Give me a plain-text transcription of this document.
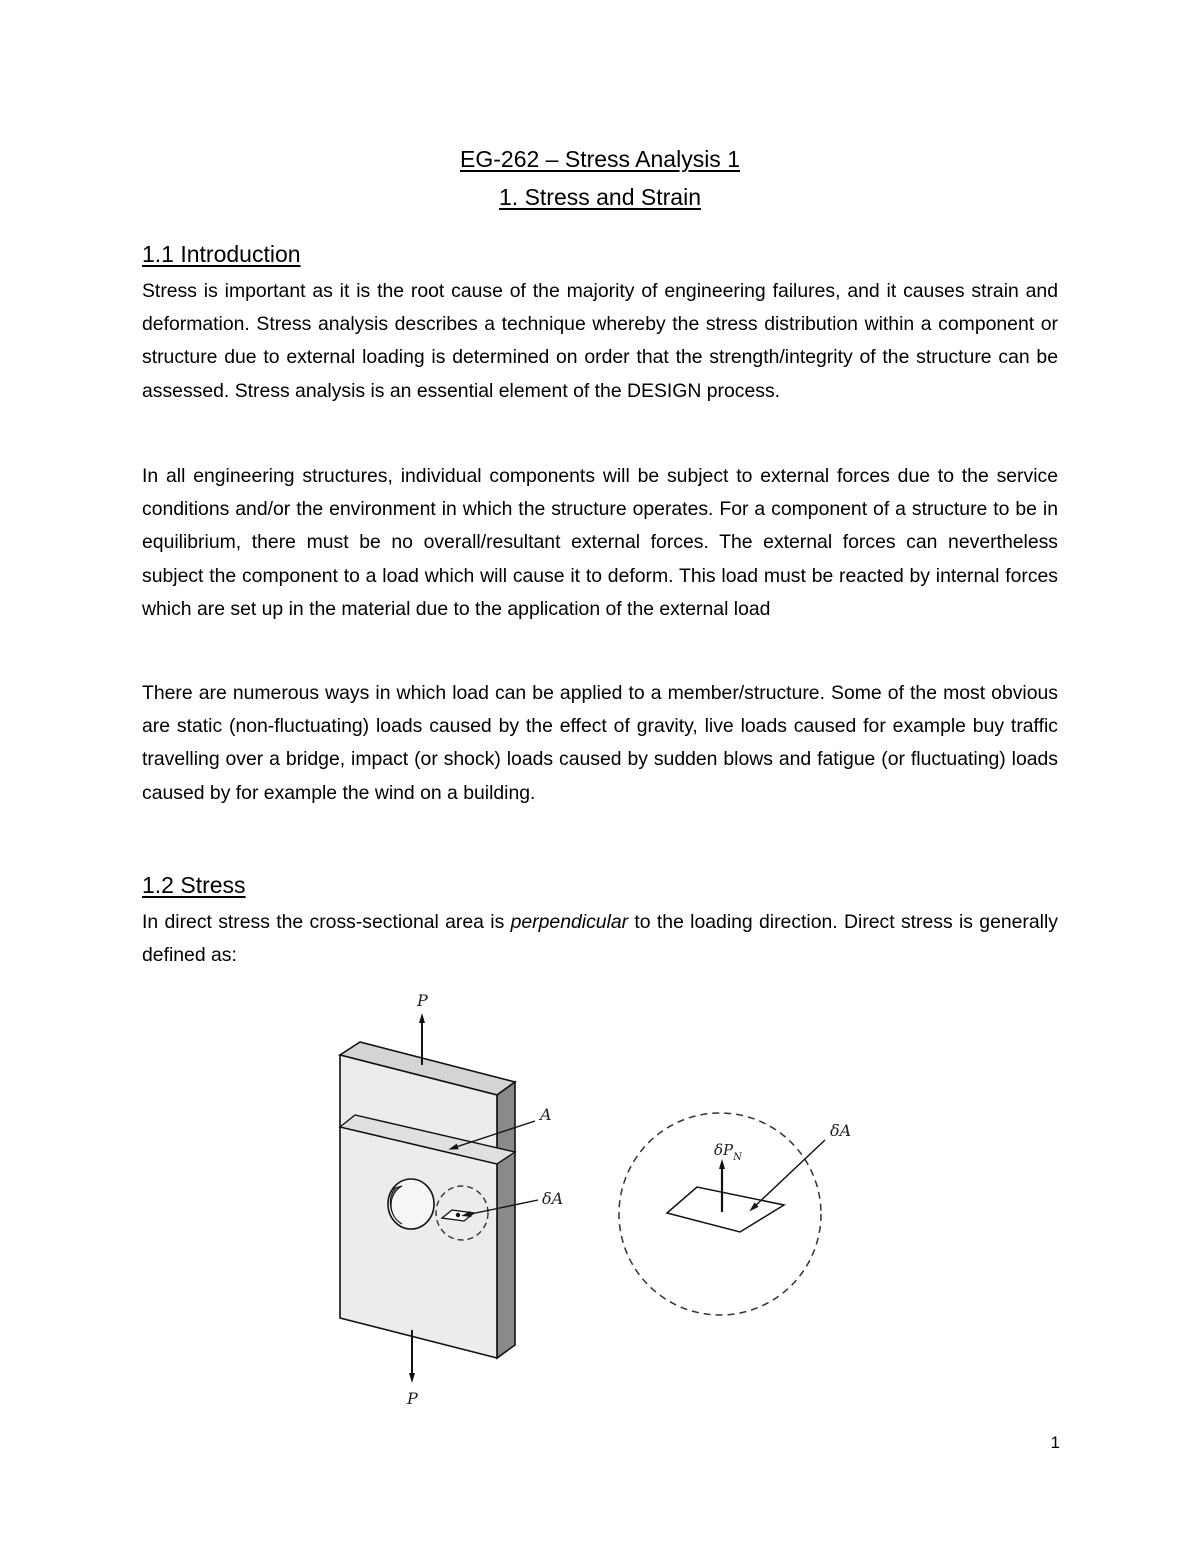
EG-262 – Stress Analysis 1
1. Stress and Strain
1.1 Introduction

Stress is important as it is the root cause of the majority of engineering failures, and it causes strain and deformation. Stress analysis describes a technique whereby the stress distribution within a component or structure due to external loading is determined on order that the strength/integrity of the structure can be assessed. Stress analysis is an essential element of the DESIGN process.

In all engineering structures, individual components will be subject to external forces due to the service conditions and/or the environment in which the structure operates. For a component of a structure to be in equilibrium, there must be no overall/resultant external forces. The external forces can nevertheless subject the component to a load which will cause it to deform. This load must be reacted by internal forces which are set up in the material due to the application of the external load

There are numerous ways in which load can be applied to a member/structure. Some of the most obvious are static (non-fluctuating) loads caused by the effect of gravity, live loads caused for example buy traffic travelling over a bridge, impact (or shock) loads caused by sudden blows and fatigue (or fluctuating) loads caused by for example the wind on a building.

1.2 Stress

In direct stress the cross-sectional area is perpendicular to the loading direction. Direct stress is generally defined as:

P
P
A
δA
$\delta P_N$
δA
1
